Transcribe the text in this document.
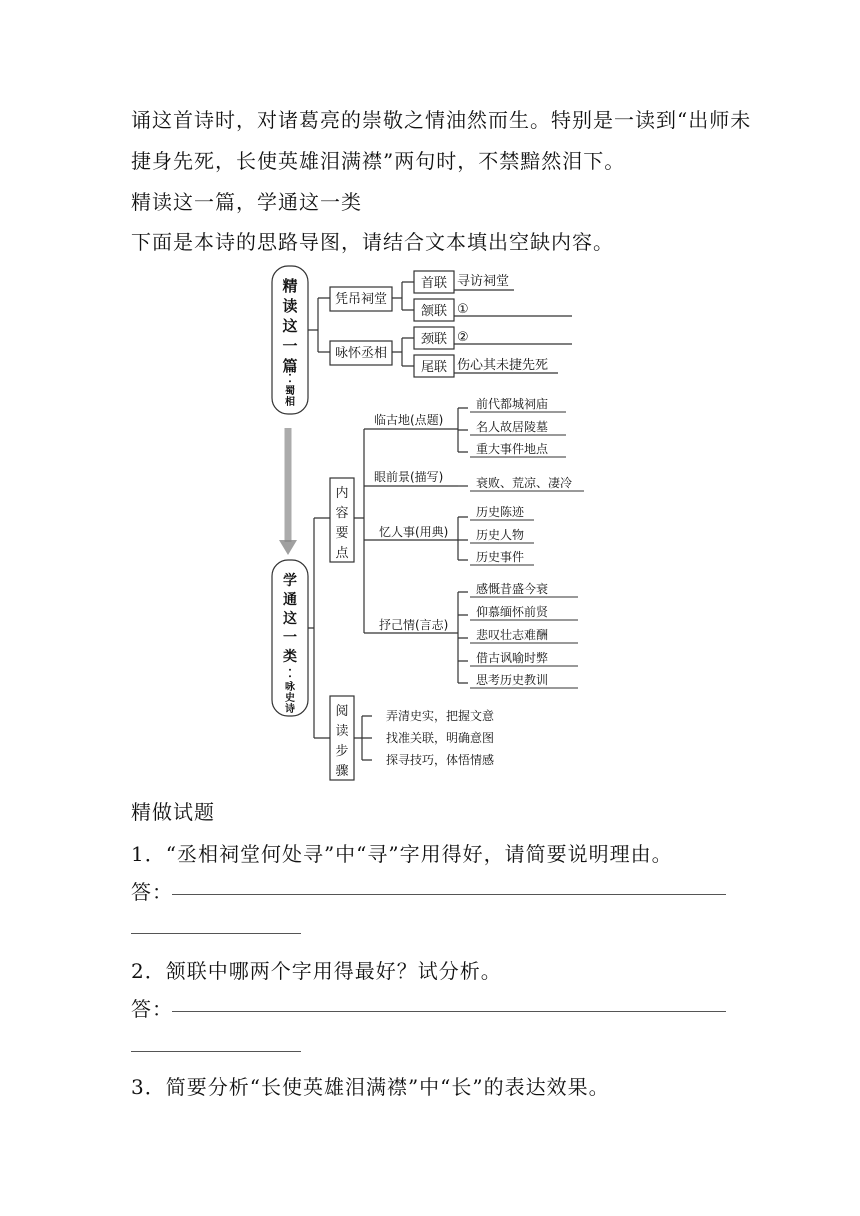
诵这首诗时，对诸葛亮的崇敬之情油然而生。特别是一读到“出师未
捷身先死，长使英雄泪满襟”两句时，不禁黯然泪下。
精读这一篇，学通这一类
下面是本诗的思路导图，请结合文本填出空缺内容。
精
读
这
一
篇
︰
蜀
相
凭吊祠堂
首联 寻访祠堂
颔联 ①
咏怀丞相
颈联 ②
尾联 伤心其未捷先死
学
通
这
一
类
︰
咏
史
诗
内
容
要
点
阅
读
步
骤
临古地(点题)
前代都城祠庙
名人故居陵墓
重大事件地点
眼前景(描写)	衰败、荒凉、凄冷
忆人事(用典)
历史陈迹
历史人物
历史事件
抒己情(言志)
感慨昔盛今衰
仰慕缅怀前贤
悲叹壮志难酬
借古讽喻时弊
思考历史教训
弄清史实，把握文意
找准关联，明确意图
探寻技巧，体悟情感
精做试题
1．“丞相祠堂何处寻”中“寻”字用得好，请简要说明理由。
答：
2．颔联中哪两个字用得最好？试分析。
答：
3．简要分析“长使英雄泪满襟”中“长”的表达效果。
